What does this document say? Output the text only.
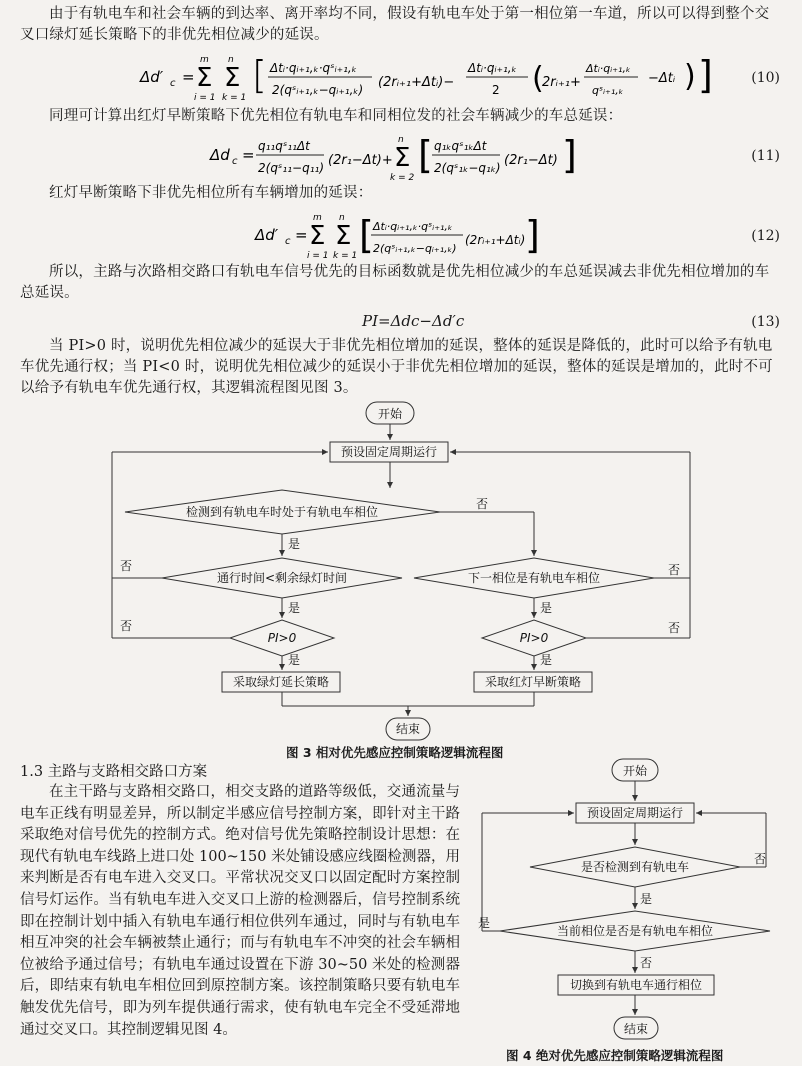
由于有轨电车和社会车辆的到达率、离开率均不同，假设有轨电车处于第一相位第一车道，所以可以得到整个交叉口绿灯延长策略下的非优先相位减少的延误。
Δd′ c = Σ
m
i = 1
Σ
n
k = 1
[ Δtᵢ·qᵢ₊₁,ₖ·qˢᵢ₊₁,ₖ
2(qˢᵢ₊₁,ₖ−qᵢ₊₁,ₖ) (2rᵢ₊₁+Δtᵢ)−
Δtᵢ·qᵢ₊₁,ₖ
2 (
2rᵢ₊₁+
Δtᵢ·qᵢ₊₁,ₖ
qˢᵢ₊₁,ₖ
−Δtᵢ ) ]	(10)
同理可计算出红灯早断策略下优先相位有轨电车和同相位发的社会车辆减少的车总延误：
Δd c = q₁₁qˢ₁₁Δt
2(qˢ₁₁−q₁₁) (2r₁−Δt)+ Σ
n
k = 2
[ q₁ₖqˢ₁ₖΔt
2(qˢ₁ₖ−q₁ₖ) (2r₁−Δt) ]	(11)
红灯早断策略下非优先相位所有车辆增加的延误：
Δd′ c = Σ
m
i = 1
Σ
n
k = 1 [ Δtᵢ·qᵢ₊₁,ₖ·qˢᵢ₊₁,ₖ
2(qˢᵢ₊₁,ₖ−qᵢ₊₁,ₖ)
(2rᵢ₊₁+Δtᵢ) ]	(12)
所以，主路与次路相交路口有轨电车信号优先的目标函数就是优先相位减少的车总延误减去非优先相位增加的车总延误。
PI=Δdc−Δd′c	(13)
当 PI>0 时，说明优先相位减少的延误大于非优先相位增加的延误，整体的延误是降低的，此时可以给予有轨电车优先通行权；当 PI<0 时，说明优先相位减少的延误小于非优先相位增加的延误，整体的延误是增加的，此时不可以给予有轨电车优先通行权，其逻辑流程图见图 3。
开始
预设固定周期运行
检测到有轨电车时处于有轨电车相位
通行时间<剩余绿灯时间	下一相位是有轨电车相位
PI>0	PI>0
采取绿灯延长策略	采取红灯早断策略
结束
是
是
是
是
是
否
否
否
否
否
图 3 相对优先感应控制策略逻辑流程图
1.3 主路与支路相交路口方案
在主干路与支路相交路口，相交支路的道路等级低，交通流量与电车正线有明显差异，所以制定半感应信号控制方案，即针对主干路采取绝对信号优先的控制方式。绝对信号优先策略控制设计思想：在现代有轨电车线路上进口处 100~150 米处铺设感应线圈检测器，用来判断是否有电车进入交叉口。平常状况交叉口以固定配时方案控制信号灯运作。当有轨电车进入交叉口上游的检测器后，信号控制系统即在控制计划中插入有轨电车通行相位供列车通过，同时与有轨电车相互冲突的社会车辆被禁止通行；而与有轨电车不冲突的社会车辆相位被给予通过信号；有轨电车通过设置在下游 30~50 米处的检测器后，即结束有轨电车相位回到原控制方案。该控制策略只要有轨电车触发优先信号，即为列车提供通行需求，使有轨电车完全不受延滞地通过交叉口。其控制逻辑见图 4。
开始
预设固定周期运行
是否检测到有轨电车
当前相位是否是有轨电车相位
切换到有轨电车通行相位
结束
是
是
否
否
图 4 绝对优先感应控制策略逻辑流程图
